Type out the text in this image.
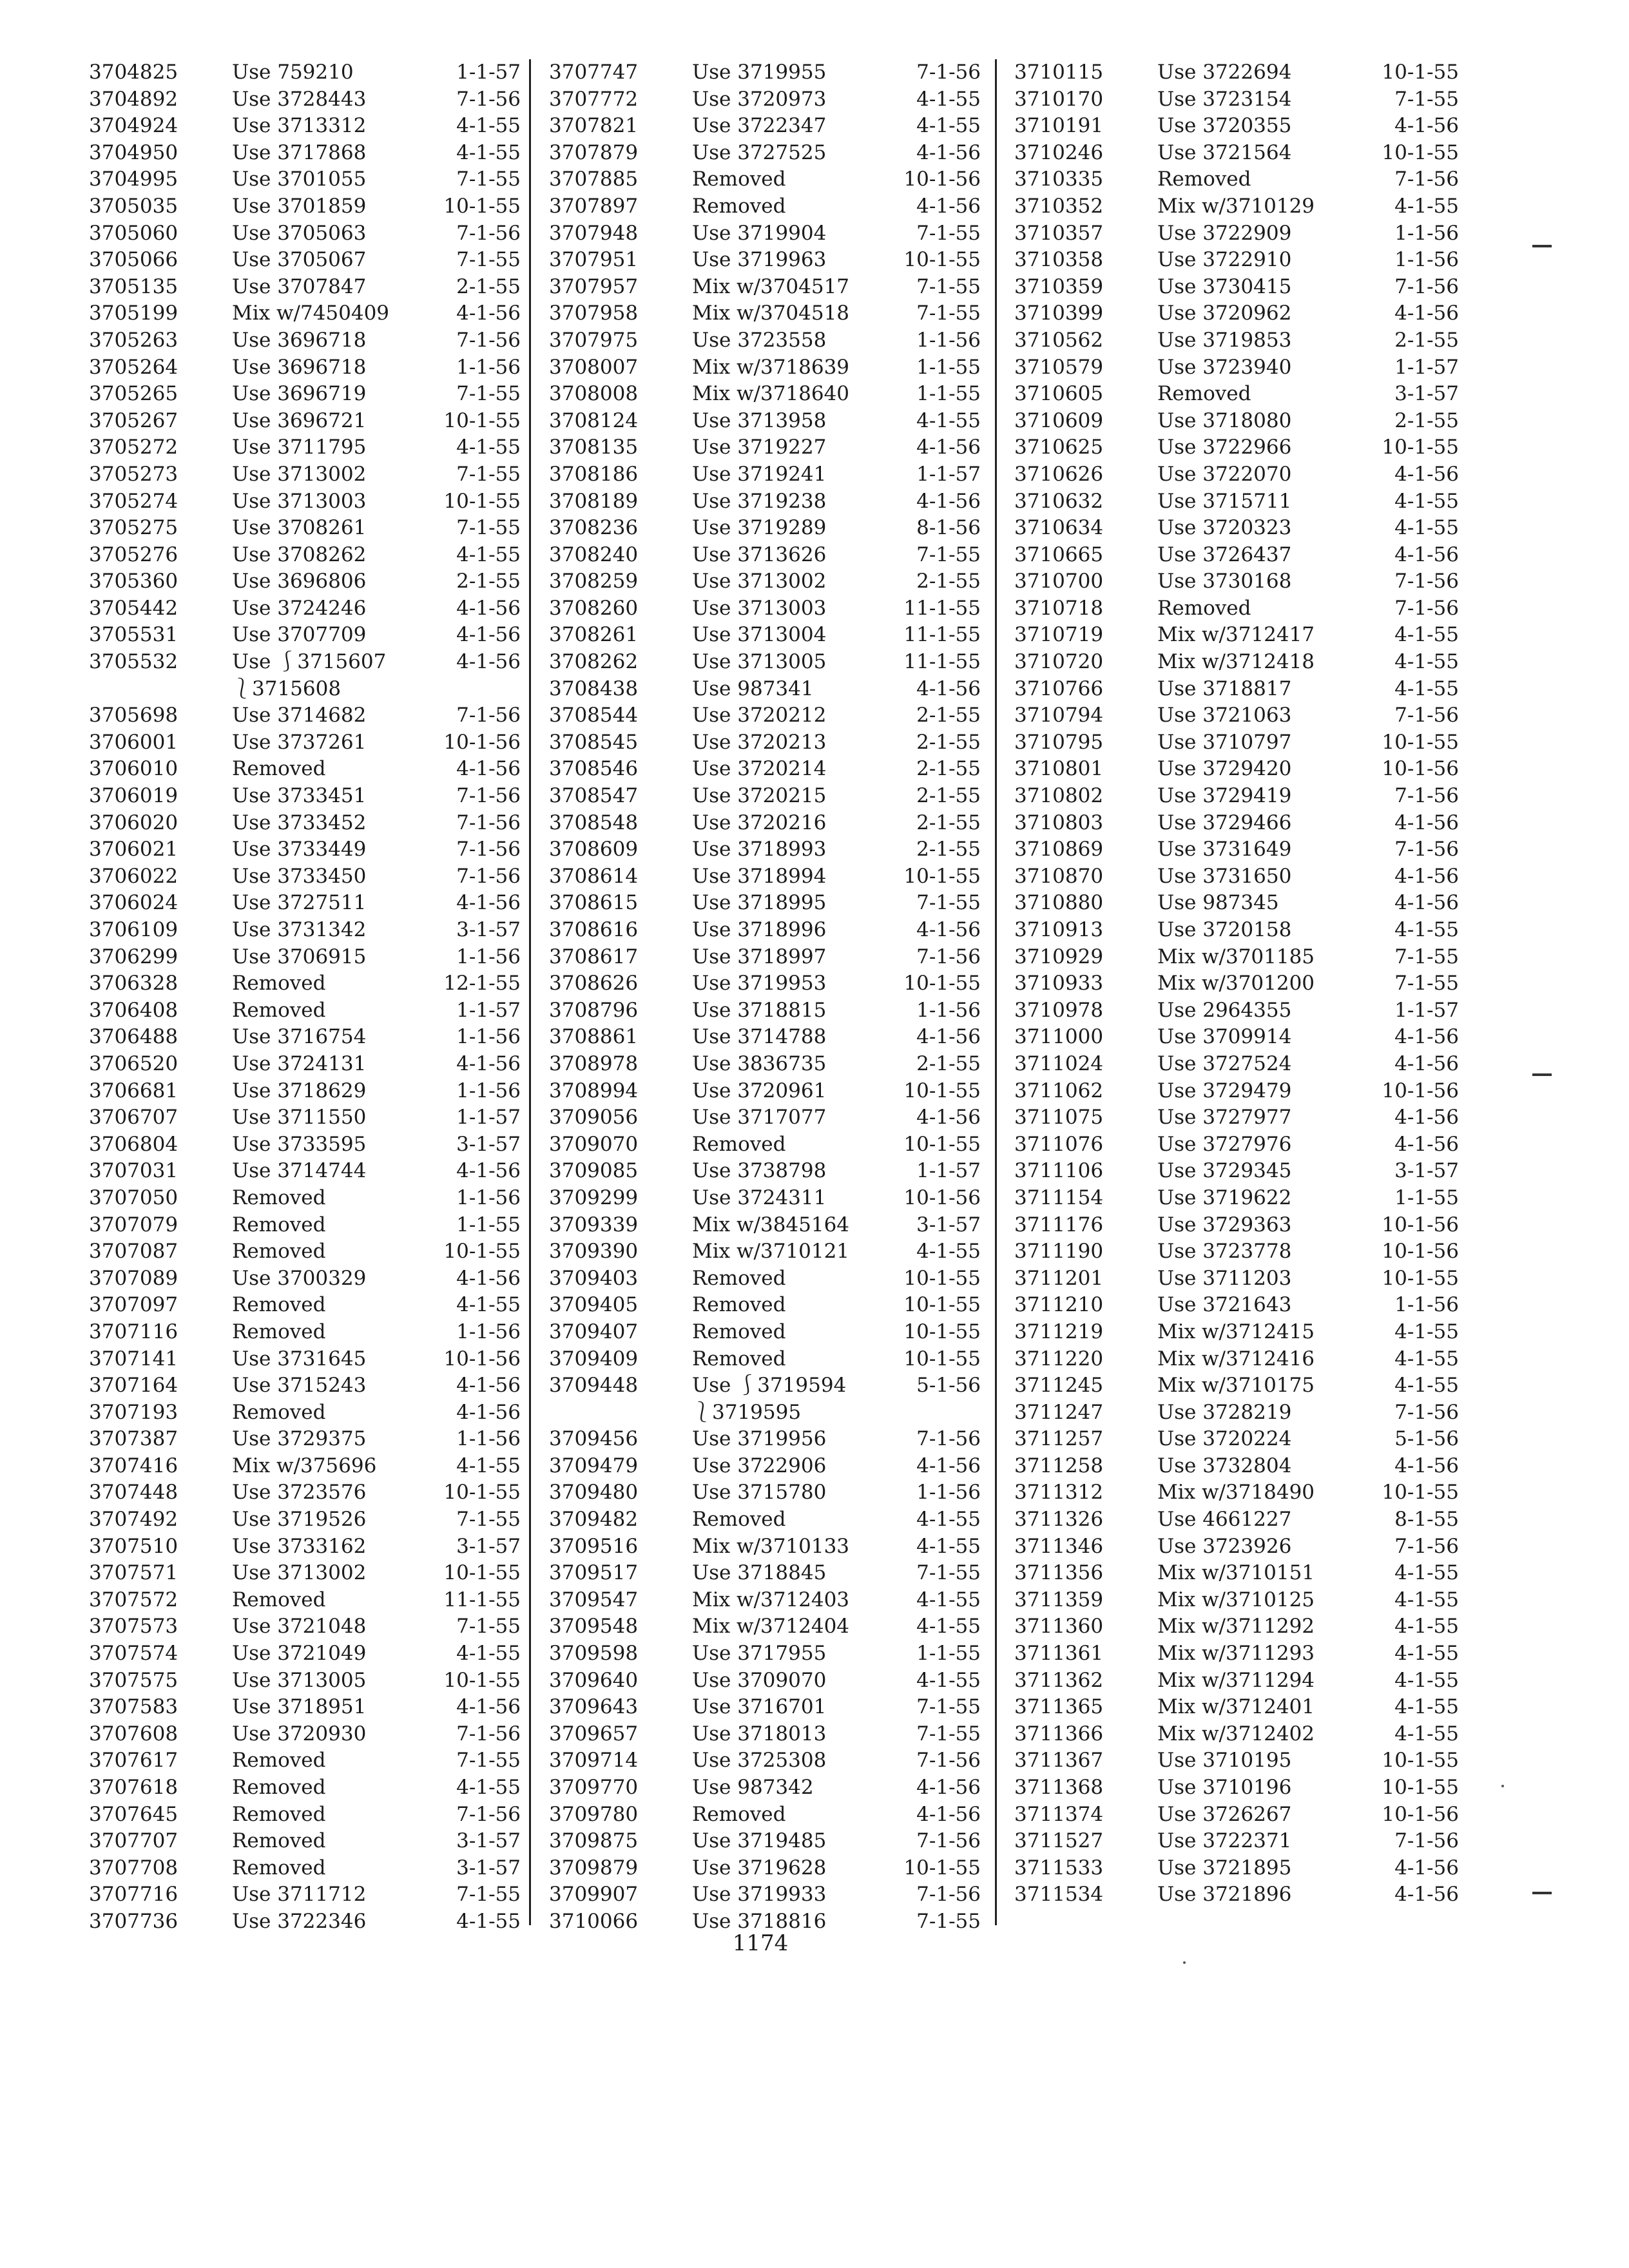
3704825	Use 759210	1-1-57
3704892	Use 3728443	7-1-56
3704924	Use 3713312	4-1-55
3704950	Use 3717868	4-1-55
3704995	Use 3701055	7-1-55
3705035	Use 3701859	10-1-55
3705060	Use 3705063	7-1-56
3705066	Use 3705067	7-1-55
3705135	Use 3707847	2-1-55
3705199	Mix w/7450409	4-1-56
3705263	Use 3696718	7-1-56
3705264	Use 3696718	1-1-56
3705265	Use 3696719	7-1-55
3705267	Use 3696721	10-1-55
3705272	Use 3711795	4-1-55
3705273	Use 3713002	7-1-55
3705274	Use 3713003	10-1-55
3705275	Use 3708261	7-1-55
3705276	Use 3708262	4-1-55
3705360	Use 3696806	2-1-55
3705442	Use 3724246	4-1-56
3705531	Use 3707709	4-1-56
3705532	Use ⎰3715607	4-1-56
⎱3715608
3705698	Use 3714682	7-1-56
3706001	Use 3737261	10-1-56
3706010	Removed	4-1-56
3706019	Use 3733451	7-1-56
3706020	Use 3733452	7-1-56
3706021	Use 3733449	7-1-56
3706022	Use 3733450	7-1-56
3706024	Use 3727511	4-1-56
3706109	Use 3731342	3-1-57
3706299	Use 3706915	1-1-56
3706328	Removed	12-1-55
3706408	Removed	1-1-57
3706488	Use 3716754	1-1-56
3706520	Use 3724131	4-1-56
3706681	Use 3718629	1-1-56
3706707	Use 3711550	1-1-57
3706804	Use 3733595	3-1-57
3707031	Use 3714744	4-1-56
3707050	Removed	1-1-56
3707079	Removed	1-1-55
3707087	Removed	10-1-55
3707089	Use 3700329	4-1-56
3707097	Removed	4-1-55
3707116	Removed	1-1-56
3707141	Use 3731645	10-1-56
3707164	Use 3715243	4-1-56
3707193	Removed	4-1-56
3707387	Use 3729375	1-1-56
3707416	Mix w/375696	4-1-55
3707448	Use 3723576	10-1-55
3707492	Use 3719526	7-1-55
3707510	Use 3733162	3-1-57
3707571	Use 3713002	10-1-55
3707572	Removed	11-1-55
3707573	Use 3721048	7-1-55
3707574	Use 3721049	4-1-55
3707575	Use 3713005	10-1-55
3707583	Use 3718951	4-1-56
3707608	Use 3720930	7-1-56
3707617	Removed	7-1-55
3707618	Removed	4-1-55
3707645	Removed	7-1-56
3707707	Removed	3-1-57
3707708	Removed	3-1-57
3707716	Use 3711712	7-1-55
3707736	Use 3722346	4-1-55
3707747	Use 3719955	7-1-56
3707772	Use 3720973	4-1-55
3707821	Use 3722347	4-1-55
3707879	Use 3727525	4-1-56
3707885	Removed	10-1-56
3707897	Removed	4-1-56
3707948	Use 3719904	7-1-55
3707951	Use 3719963	10-1-55
3707957	Mix w/3704517	7-1-55
3707958	Mix w/3704518	7-1-55
3707975	Use 3723558	1-1-56
3708007	Mix w/3718639	1-1-55
3708008	Mix w/3718640	1-1-55
3708124	Use 3713958	4-1-55
3708135	Use 3719227	4-1-56
3708186	Use 3719241	1-1-57
3708189	Use 3719238	4-1-56
3708236	Use 3719289	8-1-56
3708240	Use 3713626	7-1-55
3708259	Use 3713002	2-1-55
3708260	Use 3713003	11-1-55
3708261	Use 3713004	11-1-55
3708262	Use 3713005	11-1-55
3708438	Use 987341	4-1-56
3708544	Use 3720212	2-1-55
3708545	Use 3720213	2-1-55
3708546	Use 3720214	2-1-55
3708547	Use 3720215	2-1-55
3708548	Use 3720216	2-1-55
3708609	Use 3718993	2-1-55
3708614	Use 3718994	10-1-55
3708615	Use 3718995	7-1-55
3708616	Use 3718996	4-1-56
3708617	Use 3718997	7-1-56
3708626	Use 3719953	10-1-55
3708796	Use 3718815	1-1-56
3708861	Use 3714788	4-1-56
3708978	Use 3836735	2-1-55
3708994	Use 3720961	10-1-55
3709056	Use 3717077	4-1-56
3709070	Removed	10-1-55
3709085	Use 3738798	1-1-57
3709299	Use 3724311	10-1-56
3709339	Mix w/3845164	3-1-57
3709390	Mix w/3710121	4-1-55
3709403	Removed	10-1-55
3709405	Removed	10-1-55
3709407	Removed	10-1-55
3709409	Removed	10-1-55
3709448	Use ⎰3719594	5-1-56
⎱3719595
3709456	Use 3719956	7-1-56
3709479	Use 3722906	4-1-56
3709480	Use 3715780	1-1-56
3709482	Removed	4-1-55
3709516	Mix w/3710133	4-1-55
3709517	Use 3718845	7-1-55
3709547	Mix w/3712403	4-1-55
3709548	Mix w/3712404	4-1-55
3709598	Use 3717955	1-1-55
3709640	Use 3709070	4-1-55
3709643	Use 3716701	7-1-55
3709657	Use 3718013	7-1-55
3709714	Use 3725308	7-1-56
3709770	Use 987342	4-1-56
3709780	Removed	4-1-56
3709875	Use 3719485	7-1-56
3709879	Use 3719628	10-1-55
3709907	Use 3719933	7-1-56
3710066	Use 3718816	7-1-55
3710115	Use 3722694	10-1-55
3710170	Use 3723154	7-1-55
3710191	Use 3720355	4-1-56
3710246	Use 3721564	10-1-55
3710335	Removed	7-1-56
3710352	Mix w/3710129	4-1-55
3710357	Use 3722909	1-1-56
3710358	Use 3722910	1-1-56
3710359	Use 3730415	7-1-56
3710399	Use 3720962	4-1-56
3710562	Use 3719853	2-1-55
3710579	Use 3723940	1-1-57
3710605	Removed	3-1-57
3710609	Use 3718080	2-1-55
3710625	Use 3722966	10-1-55
3710626	Use 3722070	4-1-56
3710632	Use 3715711	4-1-55
3710634	Use 3720323	4-1-55
3710665	Use 3726437	4-1-56
3710700	Use 3730168	7-1-56
3710718	Removed	7-1-56
3710719	Mix w/3712417	4-1-55
3710720	Mix w/3712418	4-1-55
3710766	Use 3718817	4-1-55
3710794	Use 3721063	7-1-56
3710795	Use 3710797	10-1-55
3710801	Use 3729420	10-1-56
3710802	Use 3729419	7-1-56
3710803	Use 3729466	4-1-56
3710869	Use 3731649	7-1-56
3710870	Use 3731650	4-1-56
3710880	Use 987345	4-1-56
3710913	Use 3720158	4-1-55
3710929	Mix w/3701185	7-1-55
3710933	Mix w/3701200	7-1-55
3710978	Use 2964355	1-1-57
3711000	Use 3709914	4-1-56
3711024	Use 3727524	4-1-56
3711062	Use 3729479	10-1-56
3711075	Use 3727977	4-1-56
3711076	Use 3727976	4-1-56
3711106	Use 3729345	3-1-57
3711154	Use 3719622	1-1-55
3711176	Use 3729363	10-1-56
3711190	Use 3723778	10-1-56
3711201	Use 3711203	10-1-55
3711210	Use 3721643	1-1-56
3711219	Mix w/3712415	4-1-55
3711220	Mix w/3712416	4-1-55
3711245	Mix w/3710175	4-1-55
3711247	Use 3728219	7-1-56
3711257	Use 3720224	5-1-56
3711258	Use 3732804	4-1-56
3711312	Mix w/3718490	10-1-55
3711326	Use 4661227	8-1-55
3711346	Use 3723926	7-1-56
3711356	Mix w/3710151	4-1-55
3711359	Mix w/3710125	4-1-55
3711360	Mix w/3711292	4-1-55
3711361	Mix w/3711293	4-1-55
3711362	Mix w/3711294	4-1-55
3711365	Mix w/3712401	4-1-55
3711366	Mix w/3712402	4-1-55
3711367	Use 3710195	10-1-55
3711368	Use 3710196	10-1-55
3711374	Use 3726267	10-1-56
3711527	Use 3722371	7-1-56
3711533	Use 3721895	4-1-56
3711534	Use 3721896	4-1-56
1174
